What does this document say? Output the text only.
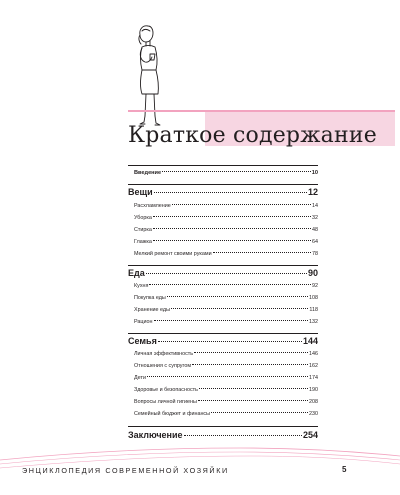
Краткое содержание
Введение	10
Вещи	12
Расхламление	14
Уборка	32
Стирка	48
Глажка	64
Мелкий ремонт своими руками	78
Еда	90
Кухня	92
Покупка еды	108
Хранение еды	118
Рацион	132
Семья	144
Личная эффективность	146
Отношения с супругом	162
Дети	174
Здоровье и безопасность	190
Вопросы личной гигиены	208
Семейный бюджет и финансы	230
Заключение	254
ЭНЦИКЛОПЕДИЯ СОВРЕМЕННОЙ ХОЗЯЙКИ	5
